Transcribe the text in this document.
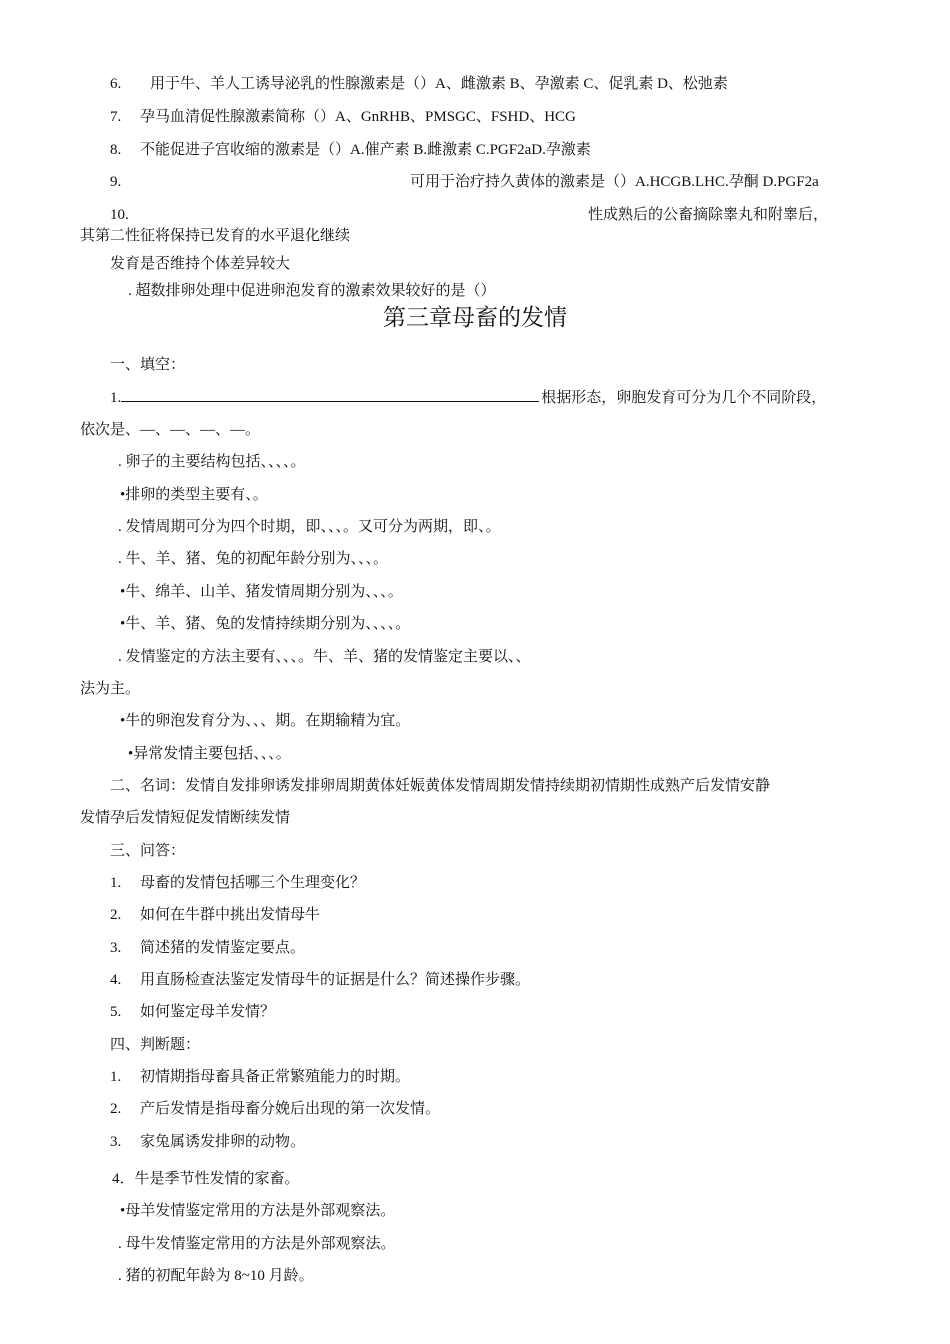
6. 用于牛、羊人工诱导泌乳的性腺激素是（）A、雌激素 B、孕激素 C、促乳素 D、松弛素
7. 孕马血清促性腺激素简称（）A、GnRHB、PMSGC、FSHD、HCG
8. 不能促进子宫收缩的激素是（）A.催产素 B.雌激素 C.PGF2aD.孕激素
9.	可用于治疗持久黄体的激素是（）A.HCGB.LHC.孕酮 D.PGF2a
10.	性成熟后的公畜摘除睾丸和附睾后，
其第二性征将保持已发育的水平退化继续
发育是否维持个体差异较大
. 超数排卵处理中促进卵泡发育的激素效果较好的是（）
第三章母畜的发情
一、填空：
1.	根据形态，卵胞发育可分为几个不同阶段，
依次是、—、—、—、—。
. 卵子的主要结构包括、、、、。
•排卵的类型主要有、。
. 发情周期可分为四个时期，即、、、。又可分为两期，即、。
. 牛、羊、猪、兔的初配年龄分别为、、、。
•牛、绵羊、山羊、猪发情周期分别为、、、。
•牛、羊、猪、兔的发情持续期分别为、、、、。
. 发情鉴定的方法主要有、、、。牛、羊、猪的发情鉴定主要以、、
法为主。
•牛的卵泡发育分为、、、期。在期输精为宜。
•异常发情主要包括、、、。
二、名词：发情自发排卵诱发排卵周期黄体妊娠黄体发情周期发情持续期初情期性成熟产后发情安静
发情孕后发情短促发情断续发情
三、问答：
1. 母畜的发情包括哪三个生理变化？
2. 如何在牛群中挑出发情母牛
3. 简述猪的发情鉴定要点。
4. 用直肠检查法鉴定发情母牛的证据是什么？简述操作步骤。
5. 如何鉴定母羊发情？
四、判断题：
1. 初情期指母畜具备正常繁殖能力的时期。
2. 产后发情是指母畜分娩后出现的第一次发情。
3. 家兔属诱发排卵的动物。
4．牛是季节性发情的家畜。
•母羊发情鉴定常用的方法是外部观察法。
. 母牛发情鉴定常用的方法是外部观察法。
. 猪的初配年龄为 8~10 月龄。
